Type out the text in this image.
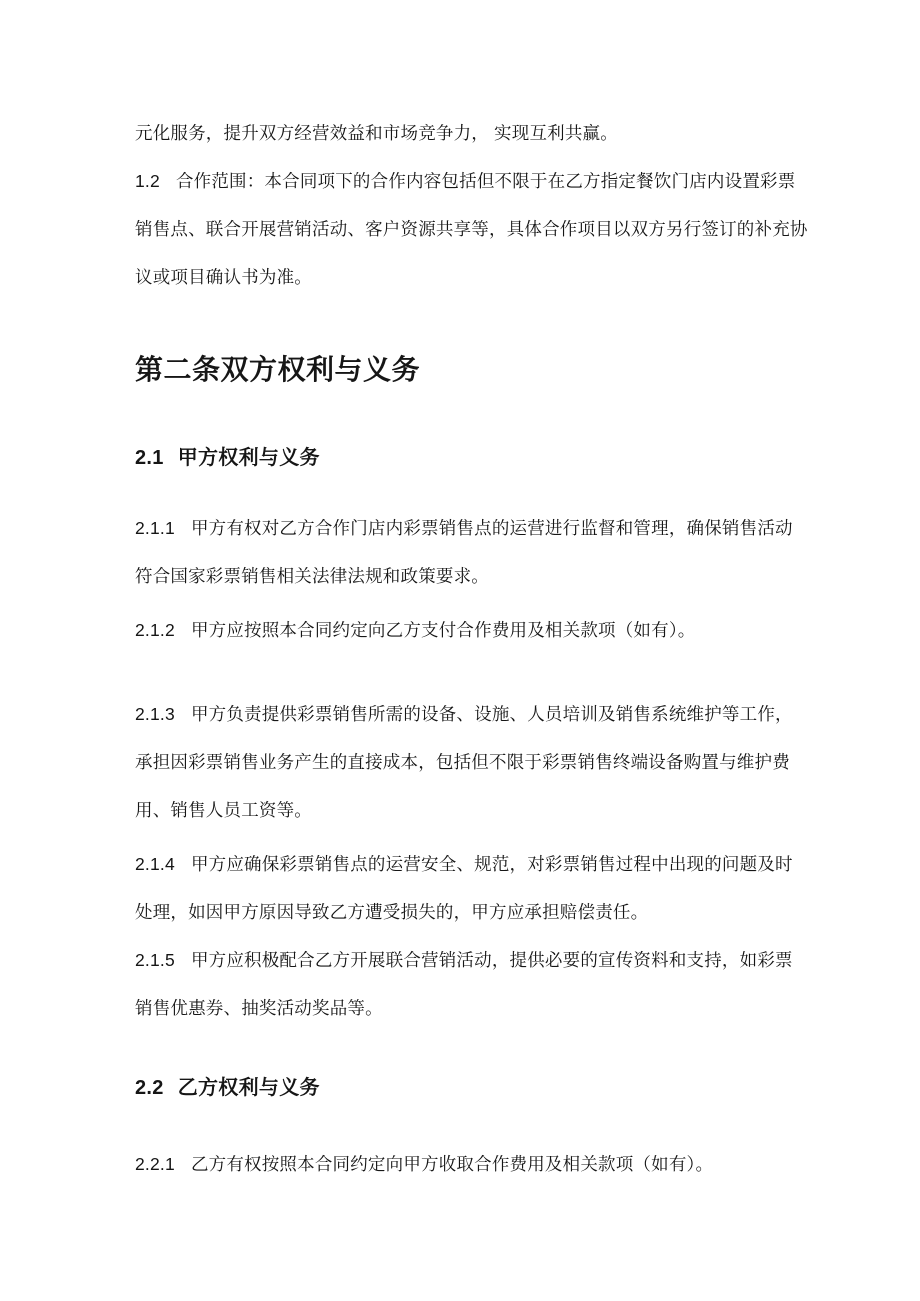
元化服务，提升双方经营效益和市场竞争力， 实现互利共赢。
1.2 合作范围：本合同项下的合作内容包括但不限于在乙方指定餐饮门店内设置彩票
销售点、联合开展营销活动、客户资源共享等，具体合作项目以双方另行签订的补充协
议或项目确认书为准。
第二条双方权利与义务
2.1 甲方权利与义务
2.1.1 甲方有权对乙方合作门店内彩票销售点的运营进行监督和管理，确保销售活动
符合国家彩票销售相关法律法规和政策要求。
2.1.2 甲方应按照本合同约定向乙方支付合作费用及相关款项（如有）。
2.1.3 甲方负责提供彩票销售所需的设备、设施、人员培训及销售系统维护等工作，
承担因彩票销售业务产生的直接成本，包括但不限于彩票销售终端设备购置与维护费
用、销售人员工资等。
2.1.4 甲方应确保彩票销售点的运营安全、规范，对彩票销售过程中出现的问题及时
处理，如因甲方原因导致乙方遭受损失的，甲方应承担赔偿责任。
2.1.5 甲方应积极配合乙方开展联合营销活动，提供必要的宣传资料和支持，如彩票
销售优惠券、抽奖活动奖品等。
2.2 乙方权利与义务
2.2.1 乙方有权按照本合同约定向甲方收取合作费用及相关款项（如有）。
